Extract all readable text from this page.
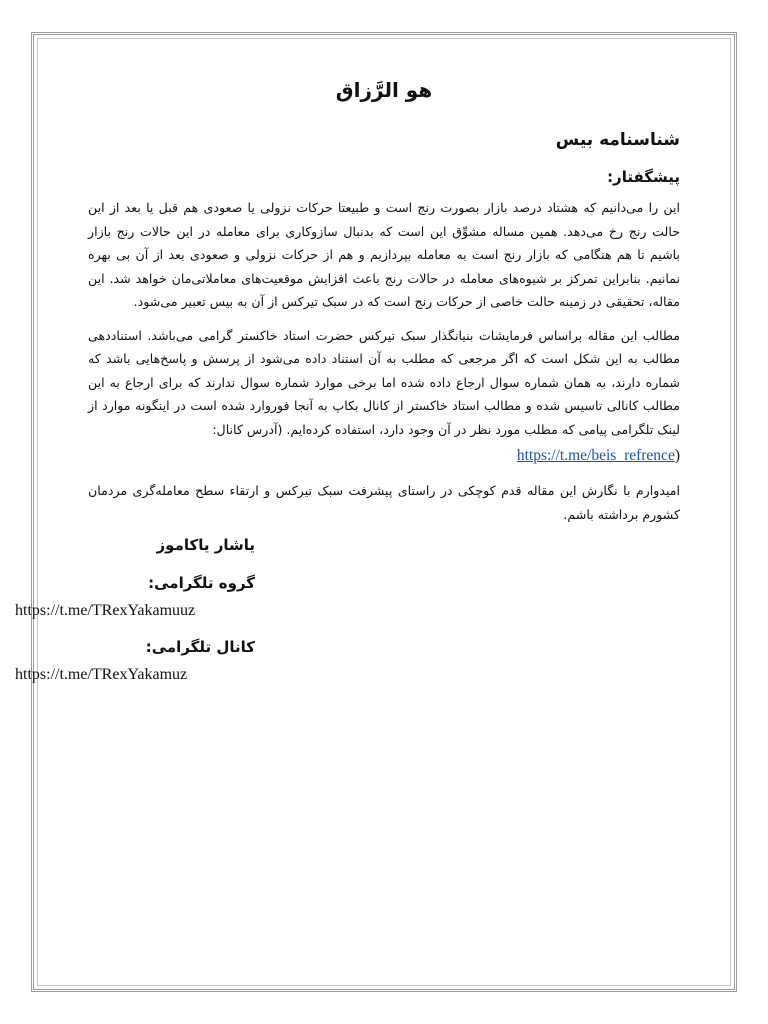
هو الرَّزاق
شناسنامه بیس
پیشگفتار:

این را می‌دانیم که هشتاد درصد بازار بصورت رنج است و طبیعتا حرکات نزولی یا صعودی هم قبل یا بعد از این حالت رنج رخ می‌دهد. همین مساله مشوِّق این است که بدنبال سازوکاری برای معامله در این حالات رنج بازار باشیم تا هم هنگامی که بازار رنج است به معامله بپردازیم و هم از حرکات نزولی و صعودی بعد از آن بی بهره نمانیم. بنابراین تمرکز بر شیوه‌های معامله در حالات رنج باعث افزایش موقعیت‌های معاملاتی‌مان خواهد شد. این مقاله، تحقیقی در زمینه حالت خاصی از حرکات رنج است که در سبک تیرکس از آن به بیس تعبیر می‌شود.

مطالب این مقاله براساس فرمایشات بنیانگذار سبک تیرکس حضرت استاد خاکستر گرامی می‌باشد. استناددهی مطالب به این شکل است که اگر مرجعی که مطلب به آن استناد داده می‌شود از پرسش و پاسخ‌هایی باشد که شماره دارند، به همان شماره سوال ارجاع داده شده اما برخی موارد شماره سوال ندارند که برای ارجاع به این مطالب کانالی تاسیس شده و مطالب استاد خاکستر از کانال بکاپ به آنجا فوروارد شده است در اینگونه موارد از لینک تلگرامی پیامی که مطلب مورد نظر در آن وجود دارد، استفاده کرده‌ایم. (آدرس کانال:

(https://t.me/beis_refrence

امیدوارم با نگارش این مقاله قدم کوچکی در راستای پیشرفت سبک تیرکس و ارتقاء سطح معامله‌گری مردمان کشورم برداشته باشم.

یاشار یاکاموز
گروه تلگرامی:
https://t.me/TRexYakamuuz
کانال تلگرامی:
https://t.me/TRexYakamuz
